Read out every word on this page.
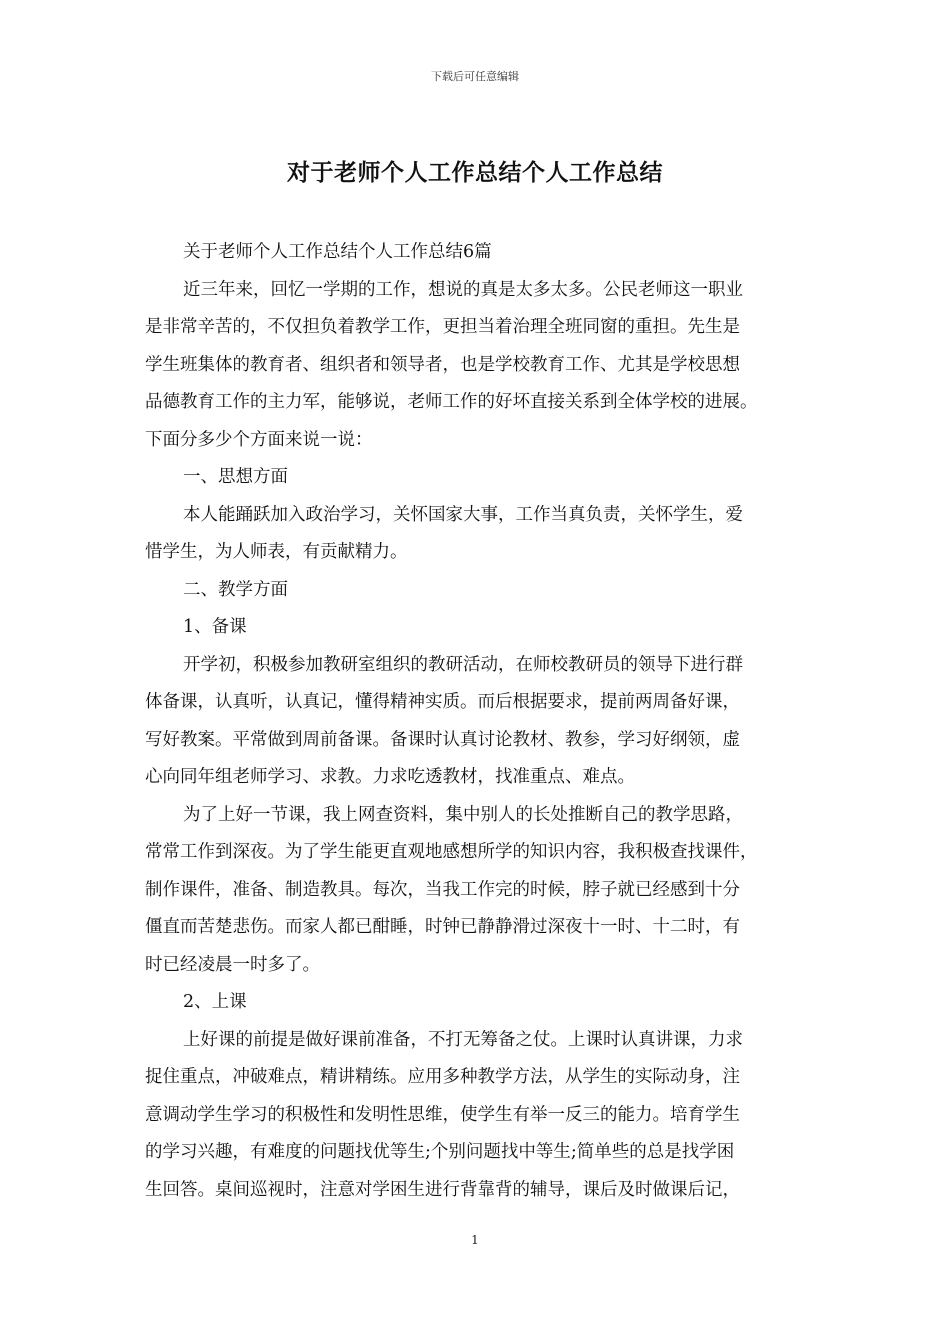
下载后可任意编辑
对于老师个人工作总结个人工作总结
关于老师个人工作总结个人工作总结6篇
近三年来，回忆一学期的工作，想说的真是太多太多。公民老师这一职业
是非常辛苦的，不仅担负着教学工作，更担当着治理全班同窗的重担。先生是
学生班集体的教育者、组织者和领导者，也是学校教育工作、尤其是学校思想
品德教育工作的主力军，能够说，老师工作的好坏直接关系到全体学校的进展。
下面分多少个方面来说一说：
一、思想方面
本人能踊跃加入政治学习，关怀国家大事，工作当真负责，关怀学生，爱
惜学生，为人师表，有贡献精力。
二、教学方面
1、备课
开学初，积极参加教研室组织的教研活动，在师校教研员的领导下进行群
体备课，认真听，认真记，懂得精神实质。而后根据要求，提前两周备好课，
写好教案。平常做到周前备课。备课时认真讨论教材、教参，学习好纲领，虚
心向同年组老师学习、求教。力求吃透教材，找准重点、难点。
为了上好一节课，我上网查资料，集中别人的长处推断自己的教学思路，
常常工作到深夜。为了学生能更直观地感想所学的知识内容，我积极查找课件，
制作课件，准备、制造教具。每次，当我工作完的时候，脖子就已经感到十分
僵直而苦楚悲伤。而家人都已酣睡，时钟已静静滑过深夜十一时、十二时，有
时已经凌晨一时多了。
2、上课
上好课的前提是做好课前准备，不打无筹备之仗。上课时认真讲课，力求
捉住重点，冲破难点，精讲精练。应用多种教学方法，从学生的实际动身，注
意调动学生学习的积极性和发明性思维，使学生有举一反三的能力。培育学生
的学习兴趣，有难度的问题找优等生;个别问题找中等生;简单些的总是找学困
生回答。桌间巡视时，注意对学困生进行背靠背的辅导，课后及时做课后记，
1
